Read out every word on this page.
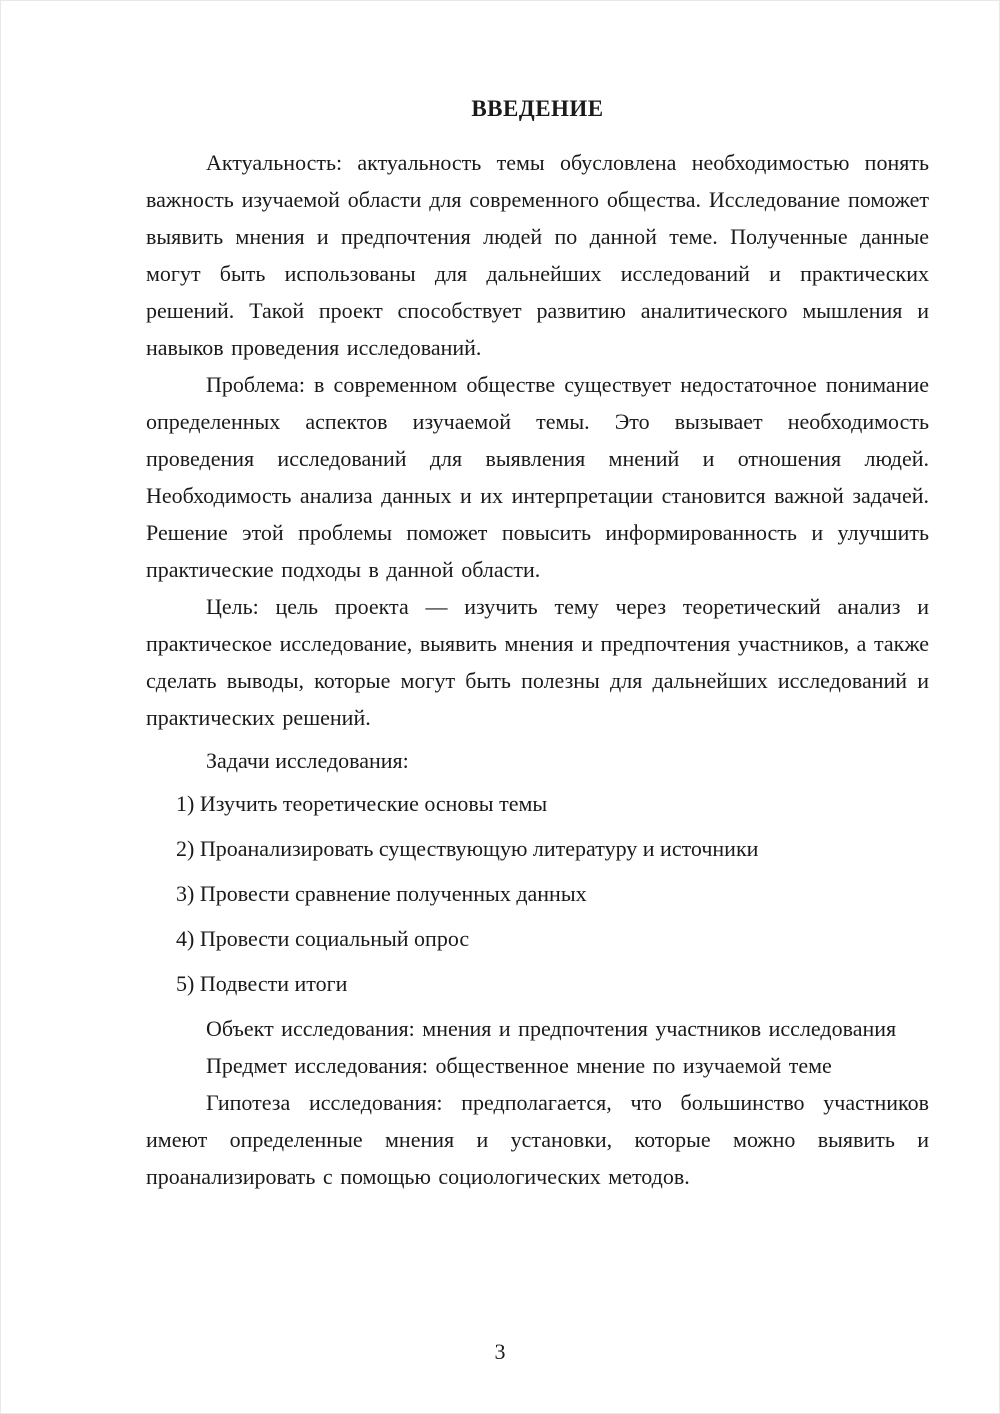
ВВЕДЕНИЕ

Актуальность: актуальность темы обусловлена необходимостью понять важность изучаемой области для современного общества. Исследование поможет выявить мнения и предпочтения людей по данной теме. Полученные данные могут быть использованы для дальнейших исследований и практических решений. Такой проект способствует развитию аналитического мышления и навыков проведения исследований.

Проблема: в современном обществе существует недостаточное понимание определенных аспектов изучаемой темы. Это вызывает необходимость проведения исследований для выявления мнений и отношения людей. Необходимость анализа данных и их интерпретации становится важной задачей. Решение этой проблемы поможет повысить информированность и улучшить практические подходы в данной области.

Цель: цель проекта — изучить тему через теоретический анализ и практическое исследование, выявить мнения и предпочтения участников, а также сделать выводы, которые могут быть полезны для дальнейших исследований и практических решений.

Задачи исследования:

1) Изучить теоретические основы темы
2) Проанализировать существующую литературу и источники
3) Провести сравнение полученных данных
4) Провести социальный опрос
5) Подвести итоги

Объект исследования: мнения и предпочтения участников исследования

Предмет исследования: общественное мнение по изучаемой теме

Гипотеза исследования: предполагается, что большинство участников имеют определенные мнения и установки, которые можно выявить и проанализировать с помощью социологических методов.

3
